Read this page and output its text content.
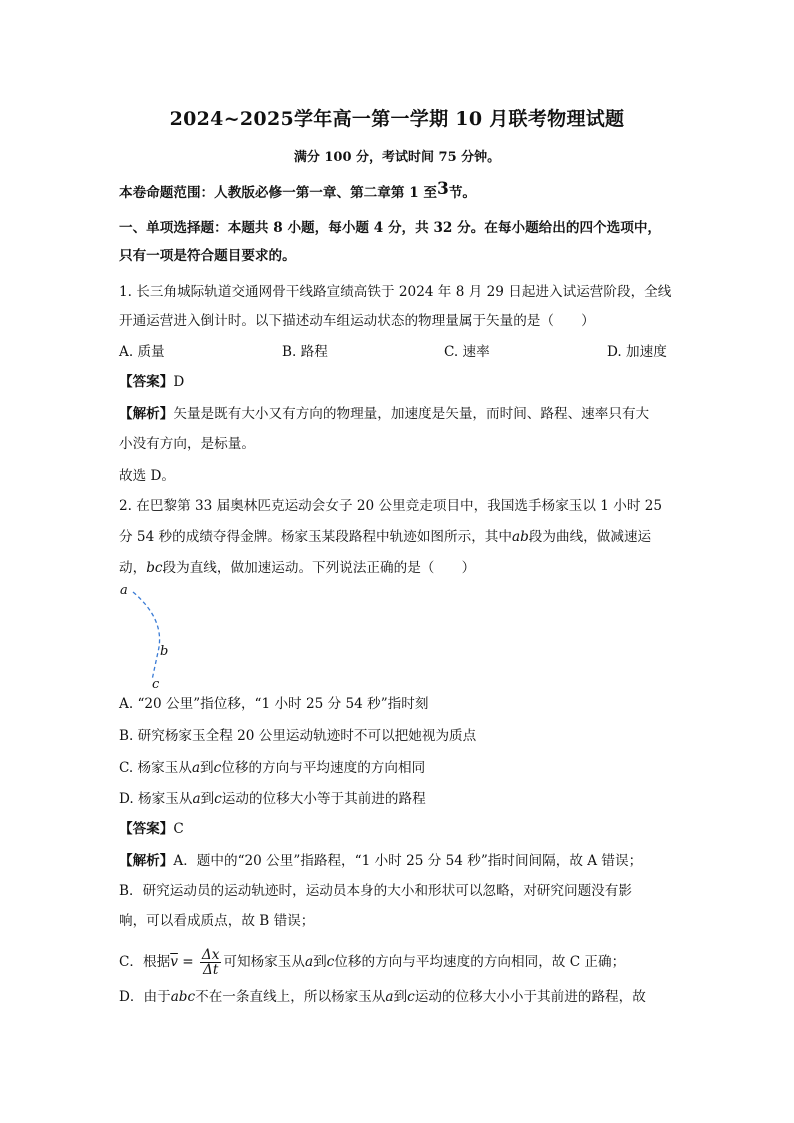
2024~2025学年高一第一学期 10 月联考物理试题
满分 100 分，考试时间 75 分钟。
本卷命题范围：人教版必修一第一章、第二章第 1 至3节。
一、单项选择题：本题共 8 小题，每小题 4 分，共 32 分。在每小题给出的四个选项中，
只有一项是符合题目要求的。
1. 长三角城际轨道交通网骨干线路宣绩高铁于 2024 年 8 月 29 日起进入试运营阶段，全线
开通运营进入倒计时。以下描述动车组运动状态的物理量属于矢量的是（　　）
A. 质量	B. 路程	C. 速率	D. 加速度
【答案】D
【解析】矢量是既有大小又有方向的物理量，加速度是矢量，而时间、路程、速率只有大
小没有方向，是标量。
故选 D。
2. 在巴黎第 33 届奥林匹克运动会女子 20 公里竞走项目中，我国选手杨家玉以 1 小时 25
分 54 秒的成绩夺得金牌。杨家玉某段路程中轨迹如图所示，其中ab段为曲线，做减速运
动，bc段为直线，做加速运动。下列说法正确的是（　　）
a
b
c
A. “20 公里”指位移，“1 小时 25 分 54 秒”指时刻
B. 研究杨家玉全程 20 公里运动轨迹时不可以把她视为质点
C. 杨家玉从a到c位移的方向与平均速度的方向相同
D. 杨家玉从a到c运动的位移大小等于其前进的路程
【答案】C
【解析】A．题中的“20 公里”指路程，“1 小时 25 分 54 秒”指时间间隔，故 A 错误；
B．研究运动员的运动轨迹时，运动员本身的大小和形状可以忽略，对研究问题没有影
响，可以看成质点，故 B 错误；
C．根据$\overline{v} = \frac{\Delta x}{\Delta t}$ 可知杨家玉从a到c位移的方向与平均速度的方向相同，故 C 正确；
D．由于abc不在一条直线上，所以杨家玉从a到c运动的位移大小小于其前进的路程，故
